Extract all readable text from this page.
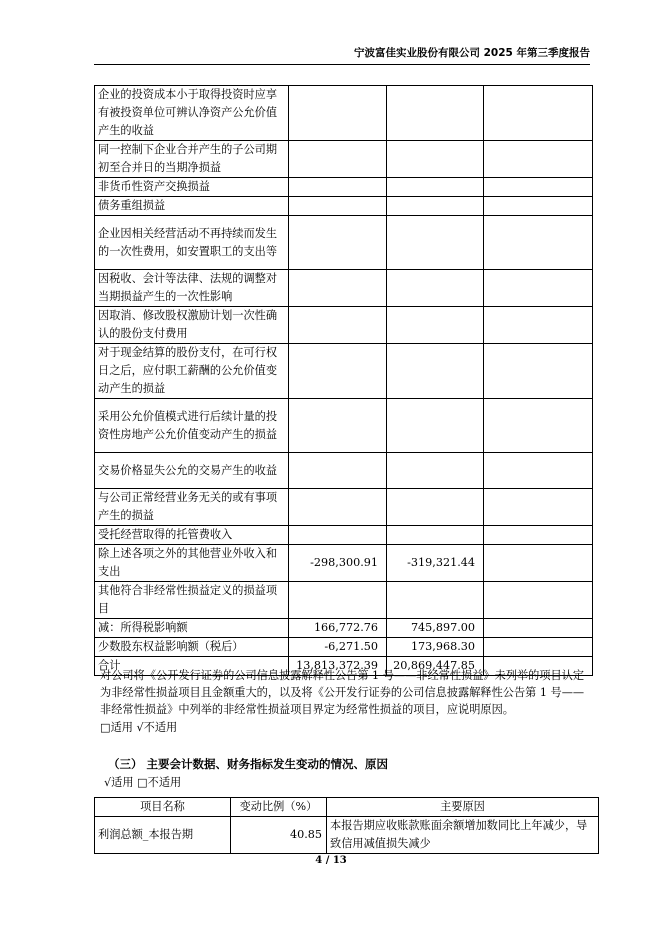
宁波富佳实业股份有限公司 2025 年第三季度报告
企业的投资成本小于取得投资时应享有被投资单位可辨认净资产公允价值产生的收益			
同一控制下企业合并产生的子公司期初至合并日的当期净损益			
非货币性资产交换损益			
债务重组损益			
企业因相关经营活动不再持续而发生的一次性费用，如安置职工的支出等			
因税收、会计等法律、法规的调整对当期损益产生的一次性影响			
因取消、修改股权激励计划一次性确认的股份支付费用			
对于现金结算的股份支付，在可行权日之后，应付职工薪酬的公允价值变动产生的损益			
采用公允价值模式进行后续计量的投资性房地产公允价值变动产生的损益			
交易价格显失公允的交易产生的收益			
与公司正常经营业务无关的或有事项产生的损益			
受托经营取得的托管费收入			
除上述各项之外的其他营业外收入和支出	-298,300.91	-319,321.44	
其他符合非经常性损益定义的损益项目			
减：所得税影响额	166,772.76	745,897.00	
少数股东权益影响额（税后）	-6,271.50	173,968.30	
合计	13,813,372.39	20,869,447.85	
对公司将《公开发行证券的公司信息披露解释性公告第 1 号——非经常性损益》未列举的项目认定为非经常性损益项目且金额重大的，以及将《公开发行证券的公司信息披露解释性公告第 1 号——非经常性损益》中列举的非经常性损益项目界定为经常性损益的项目，应说明原因。
□适用 √不适用
（三） 主要会计数据、财务指标发生变动的情况、原因
√适用 □不适用
项目名称	变动比例（%）	主要原因
利润总额_本报告期	40.85	本报告期应收账款账面余额增加数同比上年减少，导致信用减值损失减少
4 / 13
